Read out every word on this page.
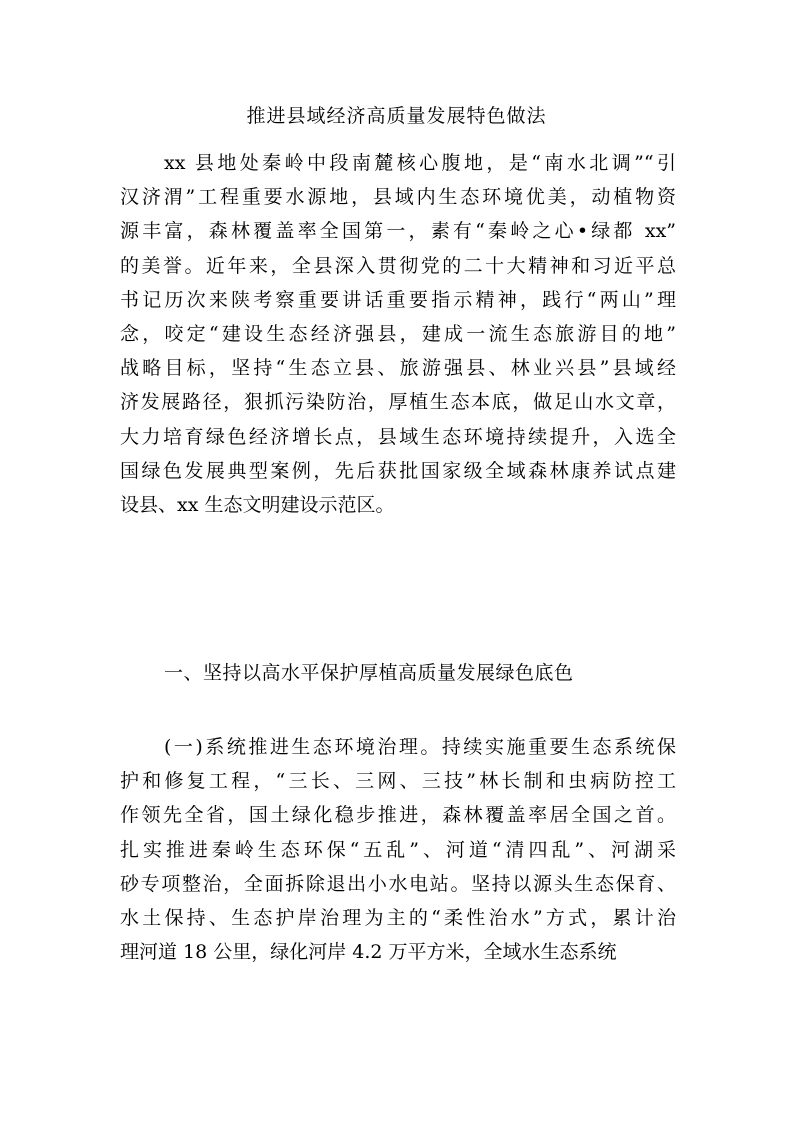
推进县域经济高质量发展特色做法

xx 县地处秦岭中段南麓核心腹地，是“南水北调”“引
汉济渭”工程重要水源地，县域内生态环境优美，动植物资
源丰富，森林覆盖率全国第一，素有“秦岭之心•绿都 xx”
的美誉。近年来，全县深入贯彻党的二十大精神和习近平总
书记历次来陕考察重要讲话重要指示精神，践行“两山”理
念，咬定“建设生态经济强县，建成一流生态旅游目的地”
战略目标，坚持“生态立县、旅游强县、林业兴县”县域经
济发展路径，狠抓污染防治，厚植生态本底，做足山水文章，
大力培育绿色经济增长点，县域生态环境持续提升，入选全
国绿色发展典型案例，先后获批国家级全域森林康养试点建
设县、xx 生态文明建设示范区。

一、坚持以高水平保护厚植高质量发展绿色底色

(一)系统推进生态环境治理。持续实施重要生态系统保
护和修复工程，“三长、三网、三技”林长制和虫病防控工
作领先全省，国土绿化稳步推进，森林覆盖率居全国之首。
扎实推进秦岭生态环保“五乱”、河道“清四乱”、河湖采
砂专项整治，全面拆除退出小水电站。坚持以源头生态保育、
水土保持、生态护岸治理为主的“柔性治水”方式，累计治
理河道 18 公里，绿化河岸 4.2 万平方米，全域水生态系统
